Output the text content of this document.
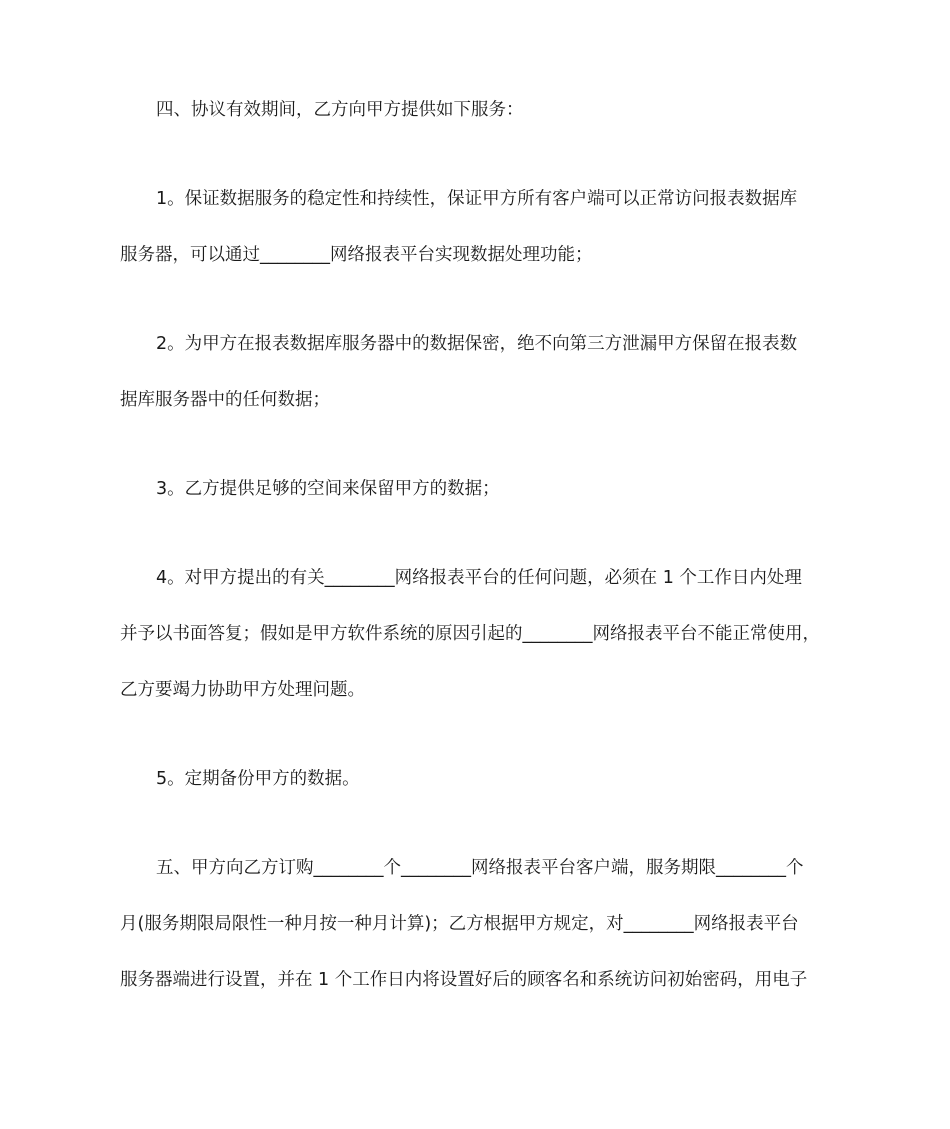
四、协议有效期间，乙方向甲方提供如下服务：
1。保证数据服务的稳定性和持续性，保证甲方所有客户端可以正常访问报表数据库
服务器，可以通过________网络报表平台实现数据处理功能；
2。为甲方在报表数据库服务器中的数据保密，绝不向第三方泄漏甲方保留在报表数
据库服务器中的任何数据；
3。乙方提供足够的空间来保留甲方的数据；
4。对甲方提出的有关________网络报表平台的任何问题，必须在 1 个工作日内处理
并予以书面答复；假如是甲方软件系统的原因引起的________网络报表平台不能正常使用，
乙方要竭力协助甲方处理问题。
5。定期备份甲方的数据。
五、甲方向乙方订购________个________网络报表平台客户端，服务期限________个
月(服务期限局限性一种月按一种月计算)；乙方根据甲方规定，对________网络报表平台
服务器端进行设置，并在 1 个工作日内将设置好后的顾客名和系统访问初始密码，用电子
